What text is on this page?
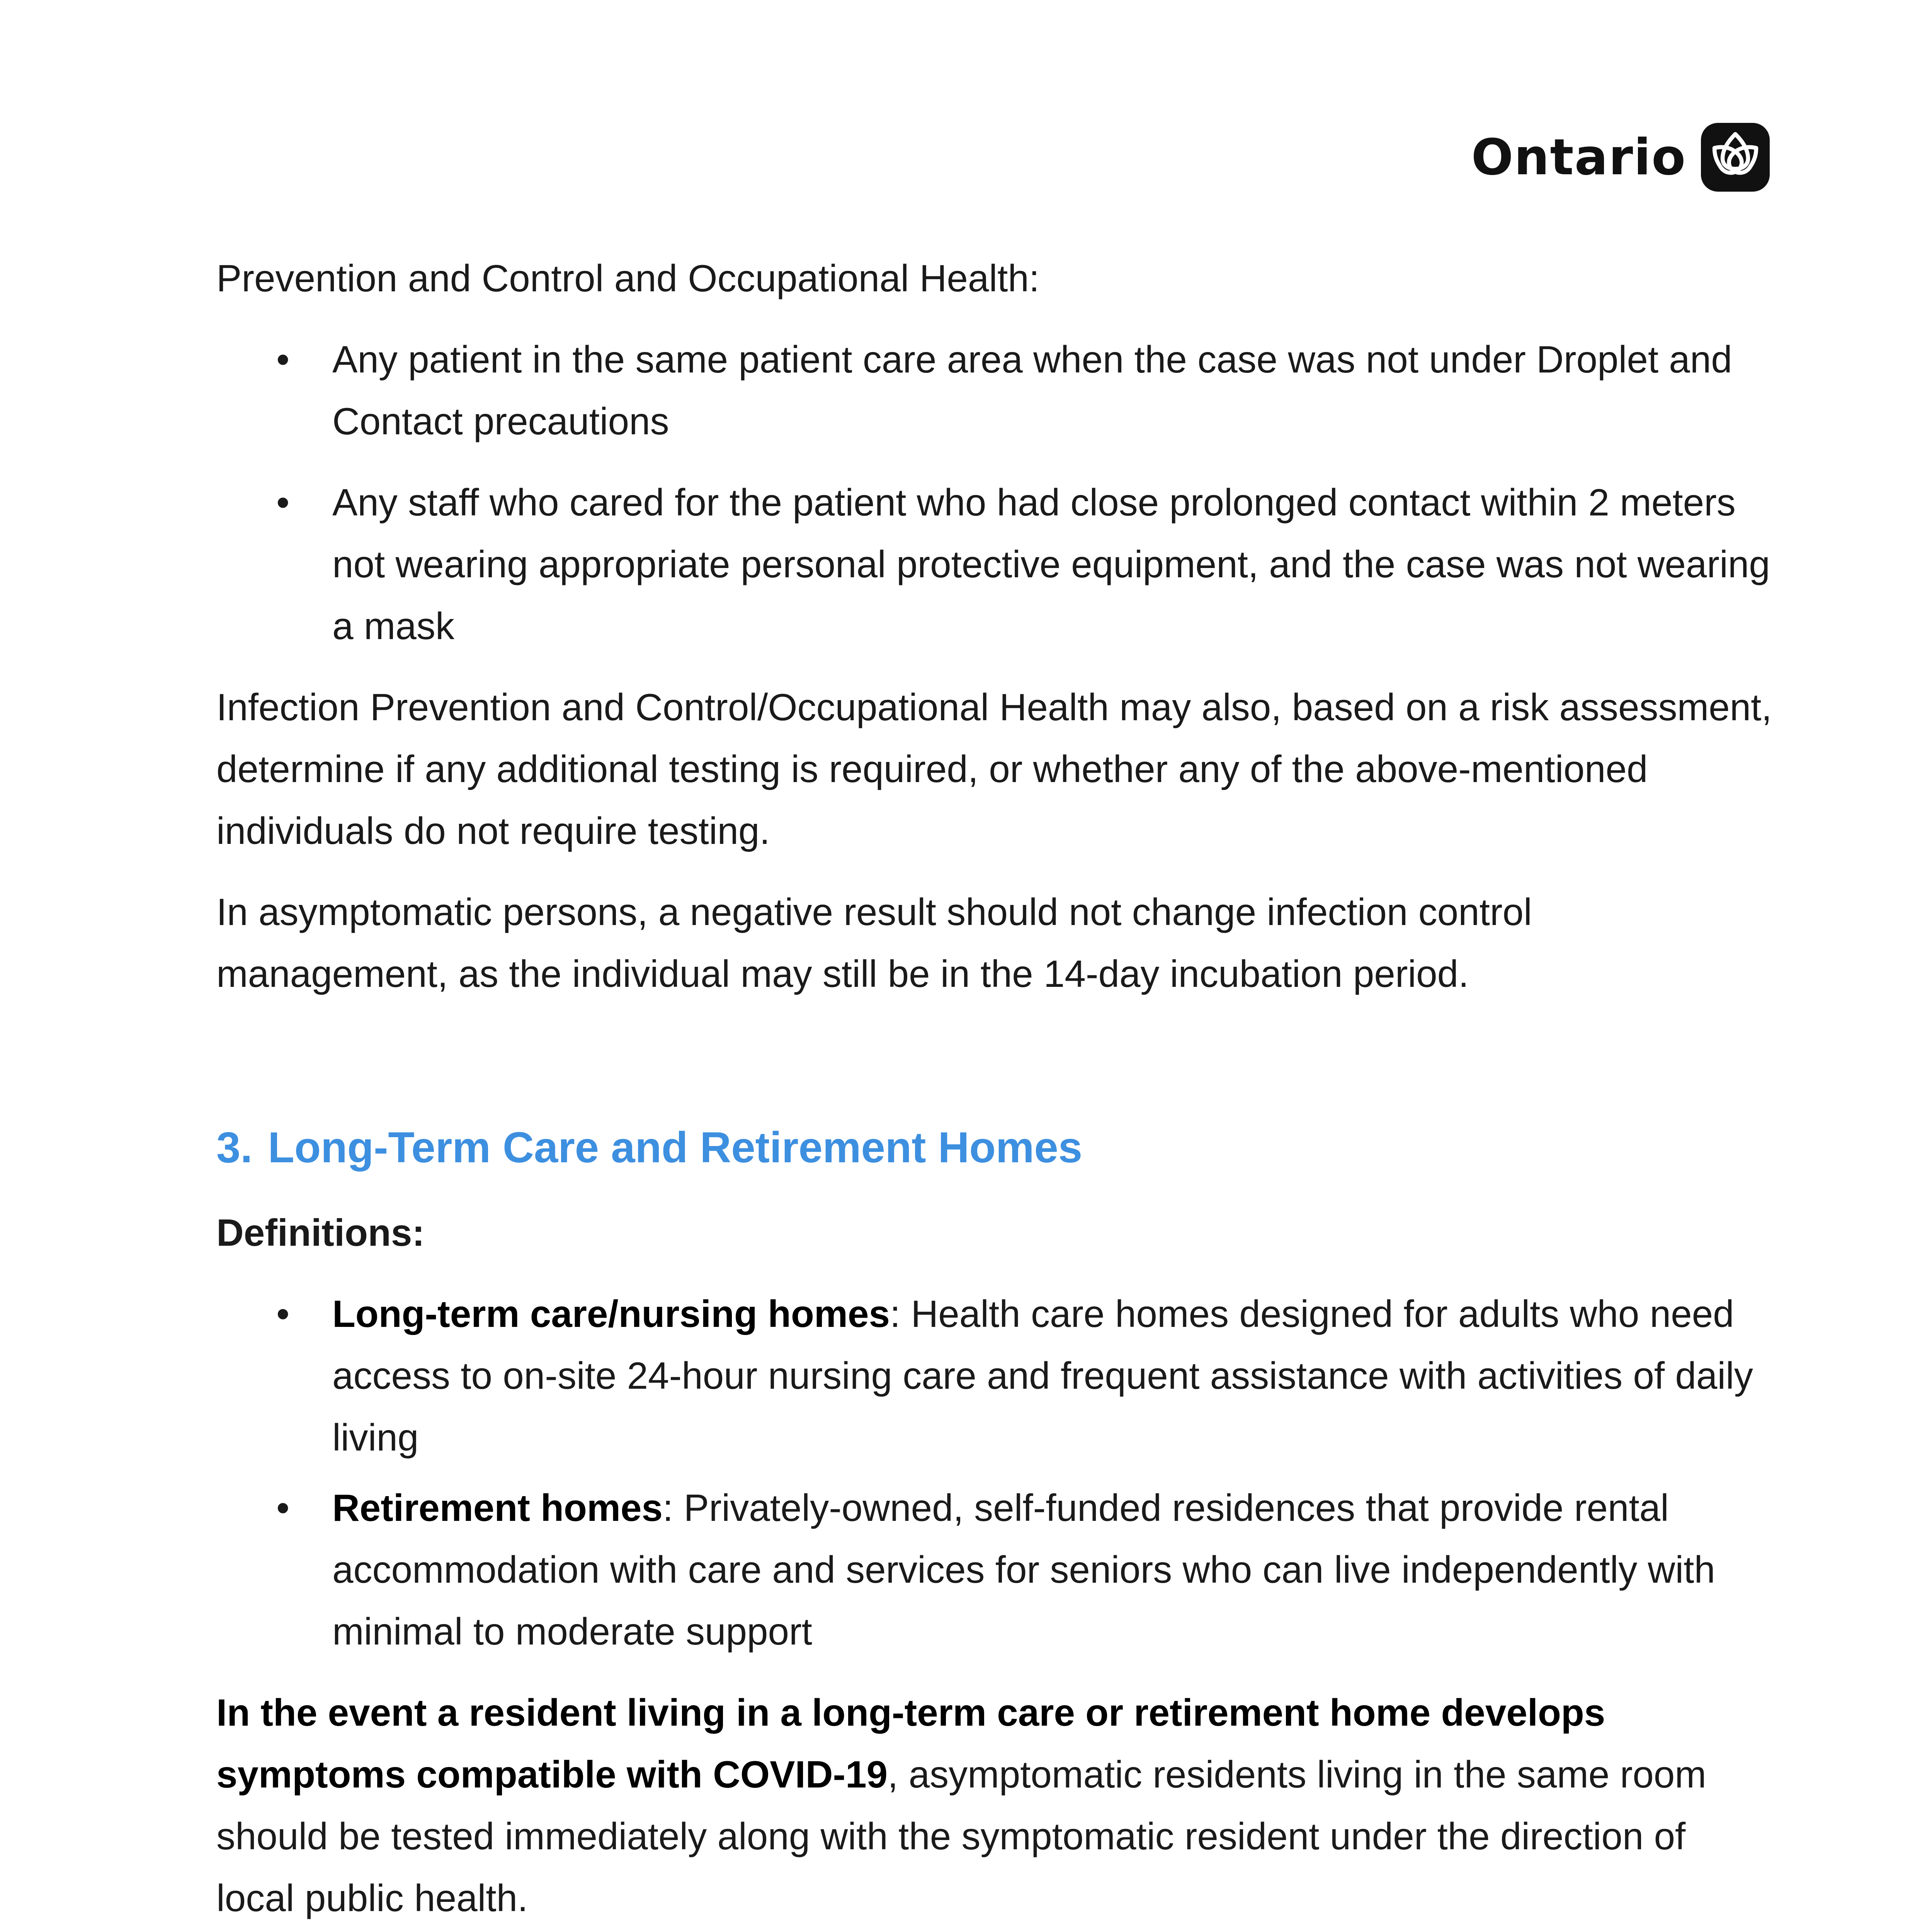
Ontario

Prevention and Control and Occupational Health:

• Any patient in the same patient care area when the case was not under Droplet and Contact precautions
• Any staff who cared for the patient who had close prolonged contact within 2 meters not wearing appropriate personal protective equipment, and the case was not wearing a mask

Infection Prevention and Control/Occupational Health may also, based on a risk assessment, determine if any additional testing is required, or whether any of the above-mentioned individuals do not require testing.

In asymptomatic persons, a negative result should not change infection control management, as the individual may still be in the 14-day incubation period.

3. Long-Term Care and Retirement Homes

Definitions:

• Long-term care/nursing homes: Health care homes designed for adults who need access to on-site 24-hour nursing care and frequent assistance with activities of daily living
• Retirement homes: Privately-owned, self-funded residences that provide rental accommodation with care and services for seniors who can live independently with minimal to moderate support

In the event a resident living in a long-term care or retirement home develops symptoms compatible with COVID-19, asymptomatic residents living in the same room should be tested immediately along with the symptomatic resident under the direction of local public health.
